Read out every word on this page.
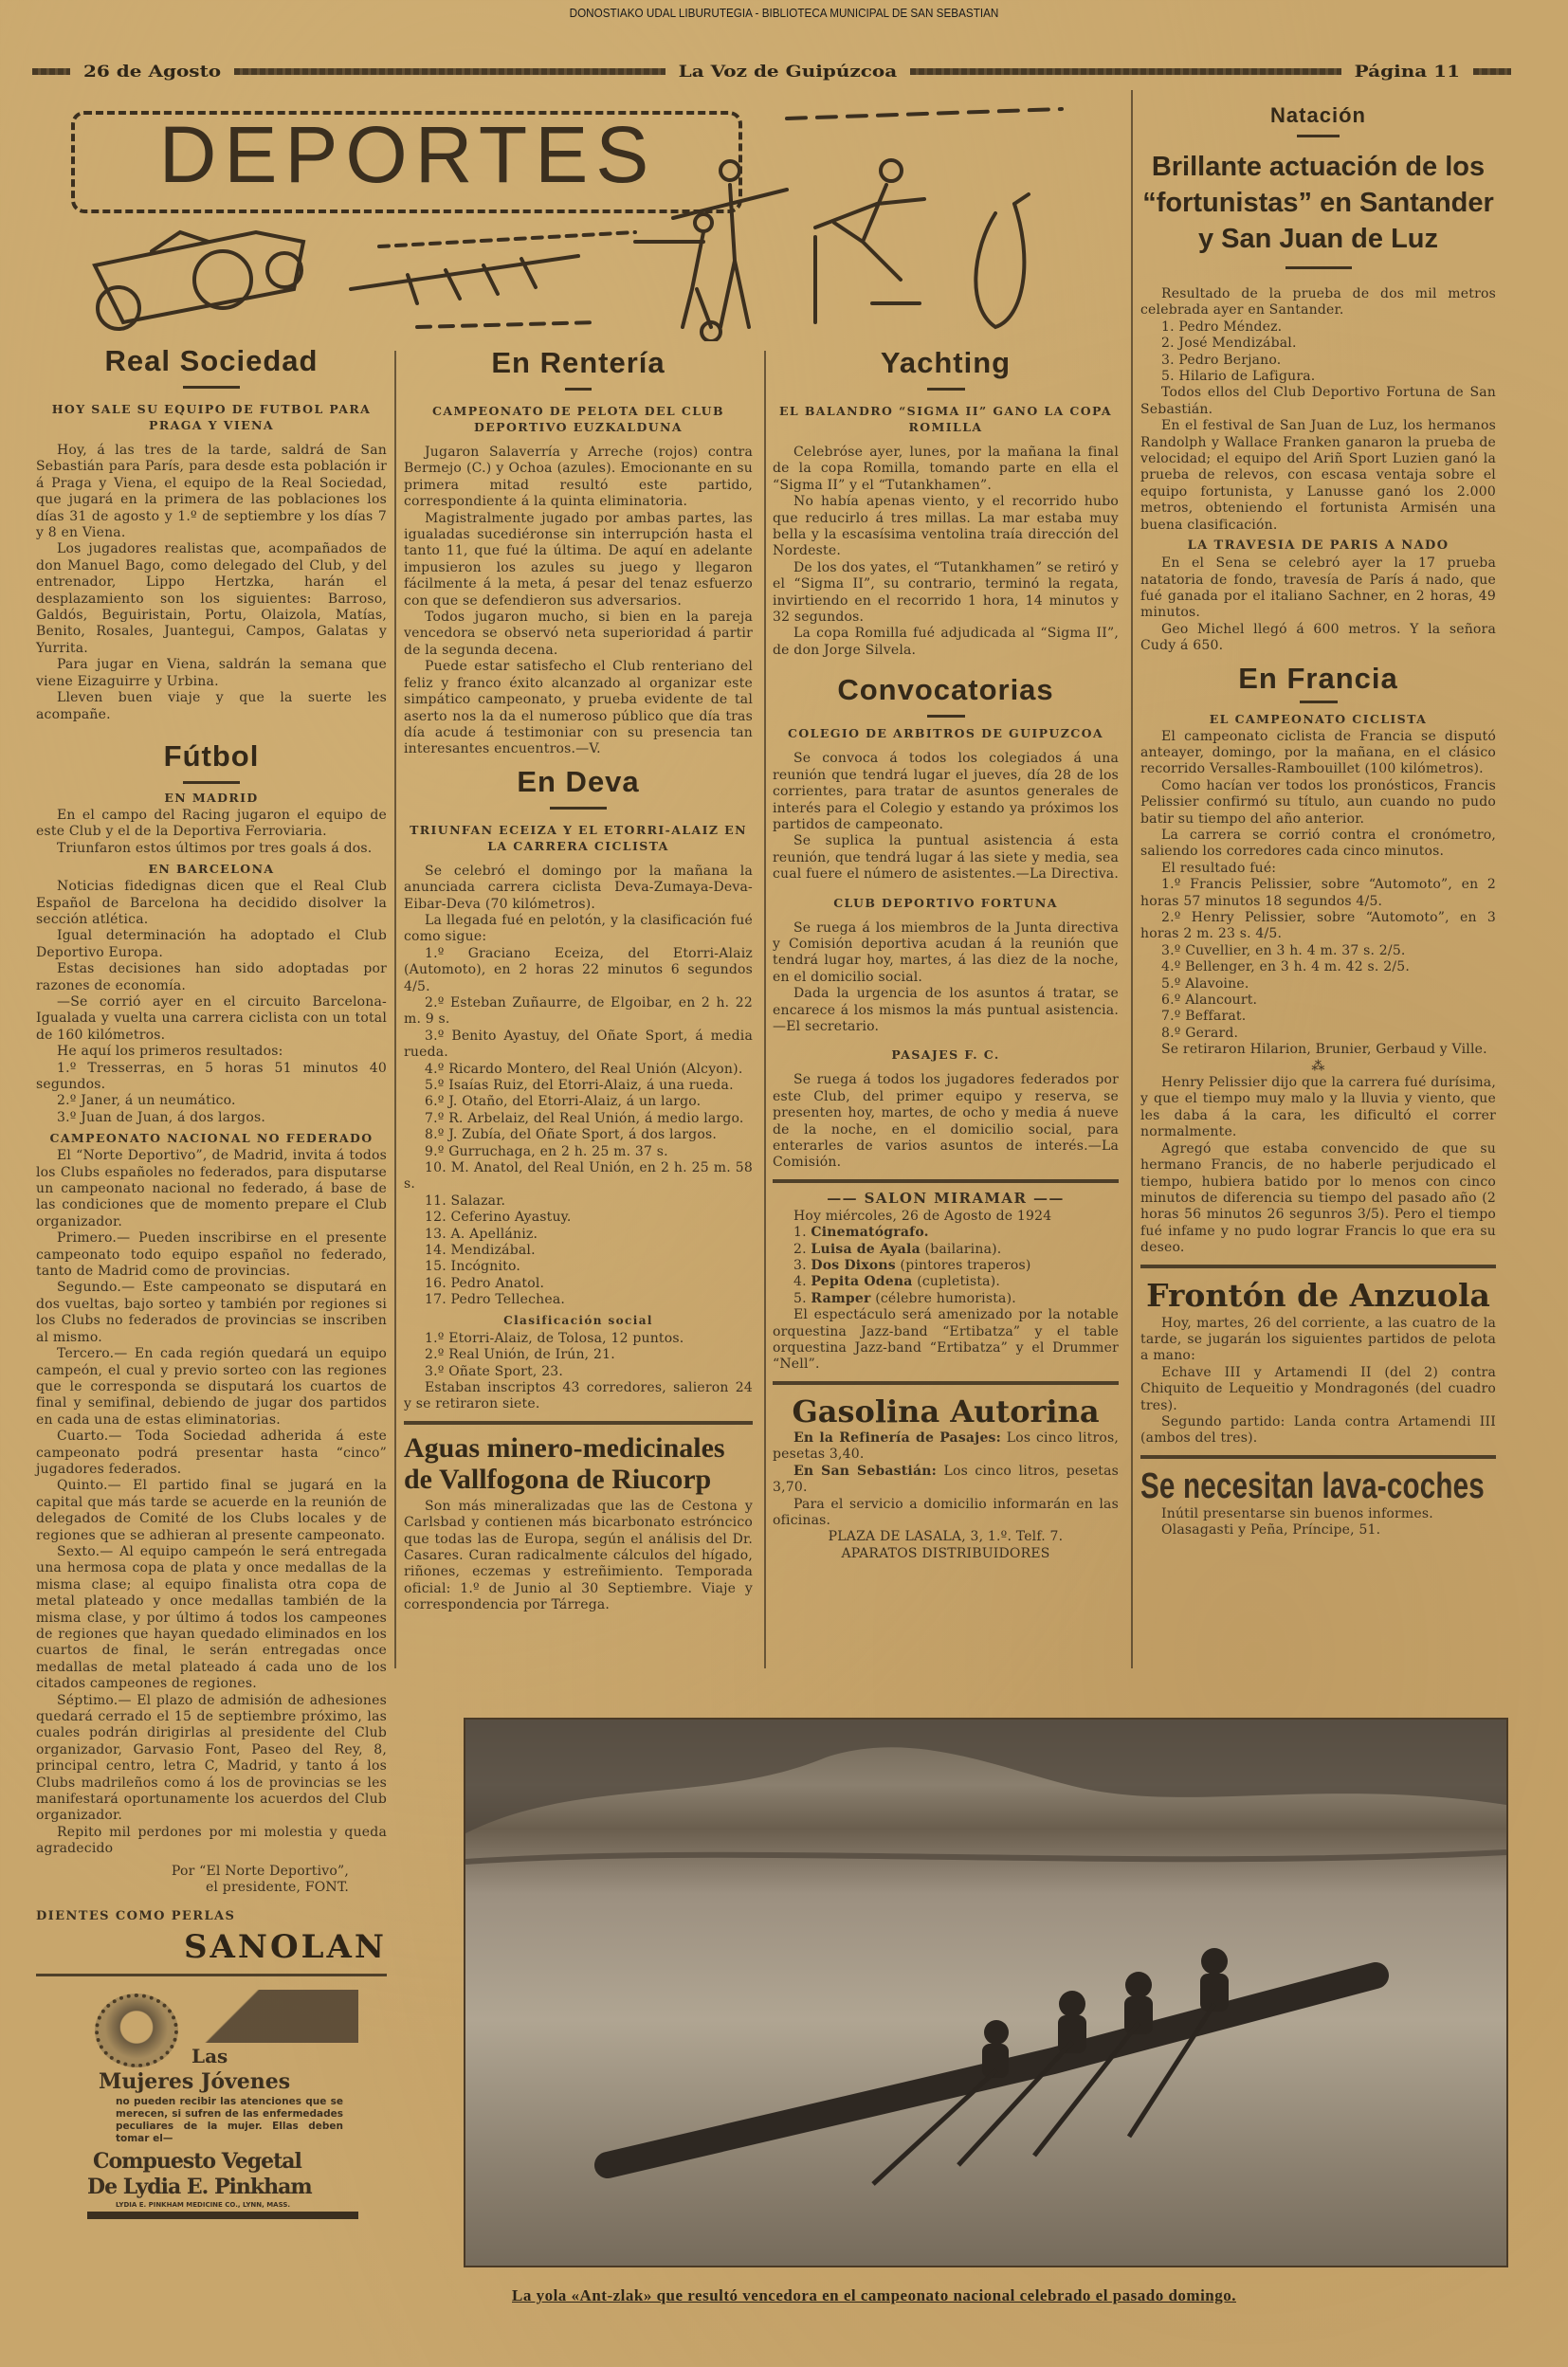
DONOSTIAKO UDAL LIBURUTEGIA - BIBLIOTECA MUNICIPAL DE SAN SEBASTIAN
26 de Agosto	La Voz de Guipúzcoa	Página 11
DEPORTES
Real Sociedad
HOY SALE SU EQUIPO DE FUTBOL PARA PRAGA Y VIENA

Hoy, á las tres de la tarde, saldrá de San Sebastián para París, para desde esta población ir á Praga y Viena, el equipo de la Real Sociedad, que jugará en la primera de las poblaciones los días 31 de agosto y 1.º de septiembre y los días 7 y 8 en Viena.

Los jugadores realistas que, acompañados de don Manuel Bago, como delegado del Club, y del entrenador, Lippo Hertzka, harán el desplazamiento son los siguientes: Barroso, Galdós, Beguiristain, Portu, Olaizola, Matías, Benito, Rosales, Juantegui, Campos, Galatas y Yurrita.

Para jugar en Viena, saldrán la semana que viene Eizaguirre y Urbina.

Lleven buen viaje y que la suerte les acompañe.

Fútbol
EN MADRID

En el campo del Racing jugaron el equipo de este Club y el de la Deportiva Ferroviaria.

Triunfaron estos últimos por tres goals á dos.

EN BARCELONA

Noticias fidedignas dicen que el Real Club Español de Barcelona ha decidido disolver la sección atlética.

Igual determinación ha adoptado el Club Deportivo Europa.

Estas decisiones han sido adoptadas por razones de economía.

—Se corrió ayer en el circuito Barcelona-Igualada y vuelta una carrera ciclista con un total de 160 kilómetros.

He aquí los primeros resultados:

1.º Tresserras, en 5 horas 51 minutos 40 segundos.

2.º Janer, á un neumático.

3.º Juan de Juan, á dos largos.

CAMPEONATO NACIONAL NO FEDERADO

El “Norte Deportivo”, de Madrid, invita á todos los Clubs españoles no federados, para disputarse un campeonato nacional no federado, á base de las condiciones que de momento prepare el Club organizador.

Primero.— Pueden inscribirse en el presente campeonato todo equipo español no federado, tanto de Madrid como de provincias.

Segundo.— Este campeonato se disputará en dos vueltas, bajo sorteo y también por regiones si los Clubs no federados de provincias se inscriben al mismo.

Tercero.— En cada región quedará un equipo campeón, el cual y previo sorteo con las regiones que le corresponda se disputará los cuartos de final y semifinal, debiendo de jugar dos partidos en cada una de estas eliminatorias.

Cuarto.— Toda Sociedad adherida á este campeonato podrá presentar hasta “cinco” jugadores federados.

Quinto.— El partido final se jugará en la capital que más tarde se acuerde en la reunión de delegados de Comité de los Clubs locales y de regiones que se adhieran al presente campeonato.

Sexto.— Al equipo campeón le será entregada una hermosa copa de plata y once medallas de la misma clase; al equipo finalista otra copa de metal plateado y once medallas también de la misma clase, y por último á todos los campeones de regiones que hayan quedado eliminados en los cuartos de final, le serán entregadas once medallas de metal plateado á cada uno de los citados campeones de regiones.

Séptimo.— El plazo de admisión de adhesiones quedará cerrado el 15 de septiembre próximo, las cuales podrán dirigirlas al presidente del Club organizador, Garvasio Font, Paseo del Rey, 8, principal centro, letra C, Madrid, y tanto á los Clubs madrileños como á los de provincias se les manifestará oportunamente los acuerdos del Club organizador.

Repito mil perdones por mi molestia y queda agradecido

Por “El Norte Deportivo”,

el presidente, FONT.

DIENTES COMO PERLAS
SANOLAN
Las
Mujeres Jóvenes
no pueden recibir las atenciones que se merecen, si sufren de las enfermedades peculiares de la mujer. Ellas deben tomar el—
Compuesto Vegetal
De Lydia E. Pinkham
LYDIA E. PINKHAM MEDICINE CO., LYNN, MASS.
En Rentería
CAMPEONATO DE PELOTA DEL CLUB DEPORTIVO EUZKALDUNA

Jugaron Salaverría y Arreche (rojos) contra Bermejo (C.) y Ochoa (azules). Emocionante en su primera mitad resultó este partido, correspondiente á la quinta eliminatoria.

Magistralmente jugado por ambas partes, las igualadas sucediéronse sin interrupción hasta el tanto 11, que fué la última. De aquí en adelante impusieron los azules su juego y llegaron fácilmente á la meta, á pesar del tenaz esfuerzo con que se defendieron sus adversarios.

Todos jugaron mucho, si bien en la pareja vencedora se observó neta superioridad á partir de la segunda decena.

Puede estar satisfecho el Club renteriano del feliz y franco éxito alcanzado al organizar este simpático campeonato, y prueba evidente de tal aserto nos la da el numeroso público que día tras día acude á testimoniar con su presencia tan interesantes encuentros.—V.

En Deva
TRIUNFAN ECEIZA Y EL ETORRI-ALAIZ EN LA CARRERA CICLISTA

Se celebró el domingo por la mañana la anunciada carrera ciclista Deva-Zumaya-Deva-Eibar-Deva (70 kilómetros).

La llegada fué en pelotón, y la clasificación fué como sigue:

1.º Graciano Eceiza, del Etorri-Alaiz (Automoto), en 2 horas 22 minutos 6 segundos 4/5.

2.º Esteban Zuñaurre, de Elgoibar, en 2 h. 22 m. 9 s.

3.º Benito Ayastuy, del Oñate Sport, á media rueda.

4.º Ricardo Montero, del Real Unión (Alcyon).

5.º Isaías Ruiz, del Etorri-Alaiz, á una rueda.

6.º J. Otaño, del Etorri-Alaiz, á un largo.

7.º R. Arbelaiz, del Real Unión, á medio largo.

8.º J. Zubía, del Oñate Sport, á dos largos.

9.º Gurruchaga, en 2 h. 25 m. 37 s.

10. M. Anatol, del Real Unión, en 2 h. 25 m. 58 s.

11. Salazar.

12. Ceferino Ayastuy.

13. A. Apellániz.

14. Mendizábal.

15. Incógnito.

16. Pedro Anatol.

17. Pedro Tellechea.

Clasificación social

1.º Etorri-Alaiz, de Tolosa, 12 puntos.

2.º Real Unión, de Irún, 21.

3.º Oñate Sport, 23.

Estaban inscriptos 43 corredores, salieron 24 y se retiraron siete.

Aguas minero-medicinales de Vallfogona de Riucorp

Son más mineralizadas que las de Cestona y Carlsbad y contienen más bicarbonato estróncico que todas las de Europa, según el análisis del Dr. Casares. Curan radicalmente cálculos del hígado, riñones, eczemas y estreñimiento. Temporada oficial: 1.º de Junio al 30 Septiembre. Viaje y correspondencia por Tárrega.

Yachting
EL BALANDRO “SIGMA II” GANO LA COPA ROMILLA

Celebróse ayer, lunes, por la mañana la final de la copa Romilla, tomando parte en ella el “Sigma II” y el “Tutankhamen”.

No había apenas viento, y el recorrido hubo que reducirlo á tres millas. La mar estaba muy bella y la escasísima ventolina traía dirección del Nordeste.

De los dos yates, el “Tutankhamen” se retiró y el “Sigma II”, su contrario, terminó la regata, invirtiendo en el recorrido 1 hora, 14 minutos y 32 segundos.

La copa Romilla fué adjudicada al “Sigma II”, de don Jorge Silvela.

Convocatorias
COLEGIO DE ARBITROS DE GUIPUZCOA

Se convoca á todos los colegiados á una reunión que tendrá lugar el jueves, día 28 de los corrientes, para tratar de asuntos generales de interés para el Colegio y estando ya próximos los partidos de campeonato.

Se suplica la puntual asistencia á esta reunión, que tendrá lugar á las siete y media, sea cual fuere el número de asistentes.—La Directiva.

CLUB DEPORTIVO FORTUNA

Se ruega á los miembros de la Junta directiva y Comisión deportiva acudan á la reunión que tendrá lugar hoy, martes, á las diez de la noche, en el domicilio social.

Dada la urgencia de los asuntos á tratar, se encarece á los mismos la más puntual asistencia.—El secretario.

PASAJES F. C.

Se ruega á todos los jugadores federados por este Club, del primer equipo y reserva, se presenten hoy, martes, de ocho y media á nueve de la noche, en el domicilio social, para enterarles de varios asuntos de interés.—La Comisión.

—— SALON MIRAMAR ——

Hoy miércoles, 26 de Agosto de 1924

1. Cinematógrafo.

2. Luisa de Ayala (bailarina).

3. Dos Dixons (pintores traperos)

4. Pepita Odena (cupletista).

5. Ramper (célebre humorista).

El espectáculo será amenizado por la notable orquestina Jazz-band “Ertibatza” y el table orquestina Jazz-band “Ertibatza” y el Drummer “Nell”.

Gasolina Autorina

En la Refinería de Pasajes: Los cinco litros, pesetas 3,40.

En San Sebastián: Los cinco litros, pesetas 3,70.

Para el servicio a domicilio informarán en las oficinas.

PLAZA DE LASALA, 3, 1.º. Telf. 7.

APARATOS DISTRIBUIDORES

Natación
Brillante actuación de los “fortunistas” en Santander y San Juan de Luz

Resultado de la prueba de dos mil metros celebrada ayer en Santander.

1. Pedro Méndez.

2. José Mendizábal.

3. Pedro Berjano.

5. Hilario de Lafigura.

Todos ellos del Club Deportivo Fortuna de San Sebastián.

En el festival de San Juan de Luz, los hermanos Randolph y Wallace Franken ganaron la prueba de velocidad; el equipo del Ariñ Sport Luzien ganó la prueba de relevos, con escasa ventaja sobre el equipo fortunista, y Lanusse ganó los 2.000 metros, obteniendo el fortunista Armisén una buena clasificación.

LA TRAVESIA DE PARIS A NADO

En el Sena se celebró ayer la 17 prueba natatoria de fondo, travesía de París á nado, que fué ganada por el italiano Sachner, en 2 horas, 49 minutos.

Geo Michel llegó á 600 metros. Y la señora Cudy á 650.

En Francia
EL CAMPEONATO CICLISTA

El campeonato ciclista de Francia se disputó anteayer, domingo, por la mañana, en el clásico recorrido Versalles-Rambouillet (100 kilómetros).

Como hacían ver todos los pronósticos, Francis Pelissier confirmó su título, aun cuando no pudo batir su tiempo del año anterior.

La carrera se corrió contra el cronómetro, saliendo los corredores cada cinco minutos.

El resultado fué:

1.º Francis Pelissier, sobre “Automoto”, en 2 horas 57 minutos 18 segundos 4/5.

2.º Henry Pelissier, sobre “Automoto”, en 3 horas 2 m. 23 s. 4/5.

3.º Cuvellier, en 3 h. 4 m. 37 s. 2/5.

4.º Bellenger, en 3 h. 4 m. 42 s. 2/5.

5.º Alavoine.

6.º Alancourt.

7.º Beffarat.

8.º Gerard.

Se retiraron Hilarion, Brunier, Gerbaud y Ville.

⁂

Henry Pelissier dijo que la carrera fué durísima, y que el tiempo muy malo y la lluvia y viento, que les daba á la cara, les dificultó el correr normalmente.

Agregó que estaba convencido de que su hermano Francis, de no haberle perjudicado el tiempo, hubiera batido por lo menos con cinco minutos de diferencia su tiempo del pasado año (2 horas 56 minutos 26 segunros 3/5). Pero el tiempo fué infame y no pudo lograr Francis lo que era su deseo.

Frontón de Anzuola

Hoy, martes, 26 del corriente, a las cuatro de la tarde, se jugarán los siguientes partidos de pelota a mano:

Echave III y Artamendi II (del 2) contra Chiquito de Lequeitio y Mondragonés (del cuadro tres).

Segundo partido: Landa contra Artamendi III (ambos del tres).

Se necesitan lava-coches

Inútil presentarse sin buenos informes.

Olasagasti y Peña, Príncipe, 51.

La yola «Ant-zlak» que resultó vencedora en el campeonato nacional celebrado el pasado domingo.
